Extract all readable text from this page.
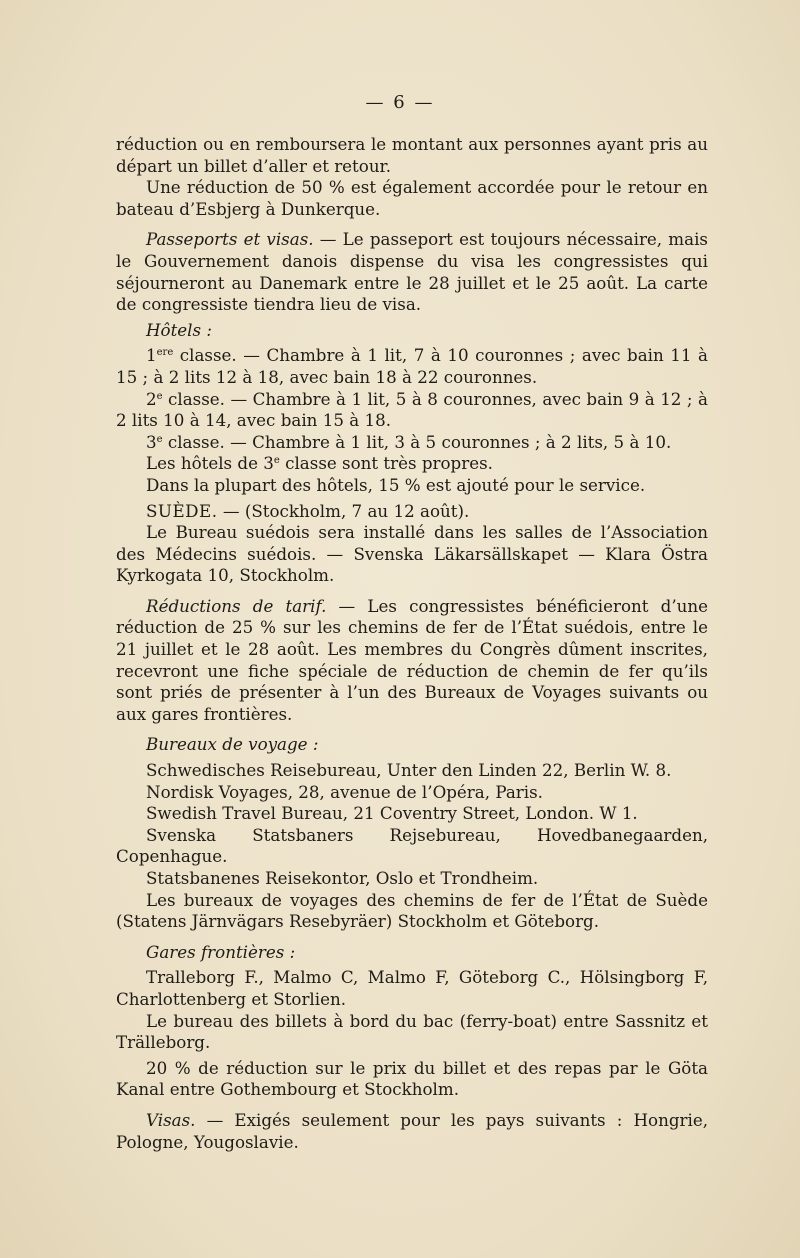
— 6 —

réduction ou en remboursera le montant aux personnes ayant pris au départ un billet d’aller et retour.

Une réduction de 50 % est également accordée pour le retour en bateau d’Esbjerg à Dunkerque.

Passeports et visas. — Le passeport est toujours nécessaire, mais le Gouvernement danois dispense du visa les congressistes qui séjourneront au Danemark entre le 28 juillet et le 25 août. La carte de congressiste tiendra lieu de visa.

Hôtels :

1ere classe. — Chambre à 1 lit, 7 à 10 couronnes ; avec bain 11 à 15 ; à 2 lits 12 à 18, avec bain 18 à 22 couronnes.

2e classe. — Chambre à 1 lit, 5 à 8 couronnes, avec bain 9 à 12 ; à 2 lits 10 à 14, avec bain 15 à 18.

3e classe. — Chambre à 1 lit, 3 à 5 couronnes ; à 2 lits, 5 à 10.

Les hôtels de 3e classe sont très propres.

Dans la plupart des hôtels, 15 % est ajouté pour le service.

SUÈDE. — (Stockholm, 7 au 12 août).

Le Bureau suédois sera installé dans les salles de l’Association des Médecins suédois. — Svenska Läkarsällskapet — Klara Östra Kyrkogata 10, Stockholm.

Réductions de tarif. — Les congressistes bénéficieront d’une réduction de 25 % sur les chemins de fer de l’État suédois, entre le 21 juillet et le 28 août. Les membres du Congrès dûment inscrites, recevront une fiche spéciale de réduction de chemin de fer qu’ils sont priés de présenter à l’un des Bureaux de Voyages suivants ou aux gares frontières.

Bureaux de voyage :

Schwedisches Reisebureau, Unter den Linden 22, Berlin W. 8.

Nordisk Voyages, 28, avenue de l’Opéra, Paris.

Swedish Travel Bureau, 21 Coventry Street, London. W 1.

Svenska Statsbaners Rejsebureau, Hovedbanegaarden, Copenhague.

Statsbanenes Reisekontor, Oslo et Trondheim.

Les bureaux de voyages des chemins de fer de l’État de Suède (Statens Järnvägars Resebyräer) Stockholm et Göteborg.

Gares frontières :

Tralleborg F., Malmo C, Malmo F, Göteborg C., Hölsingborg F, Charlottenberg et Storlien.

Le bureau des billets à bord du bac (ferry-boat) entre Sassnitz et Trälleborg.

20 % de réduction sur le prix du billet et des repas par le Göta Kanal entre Gothembourg et Stockholm.

Visas. — Exigés seulement pour les pays suivants : Hongrie, Pologne, Yougoslavie.
